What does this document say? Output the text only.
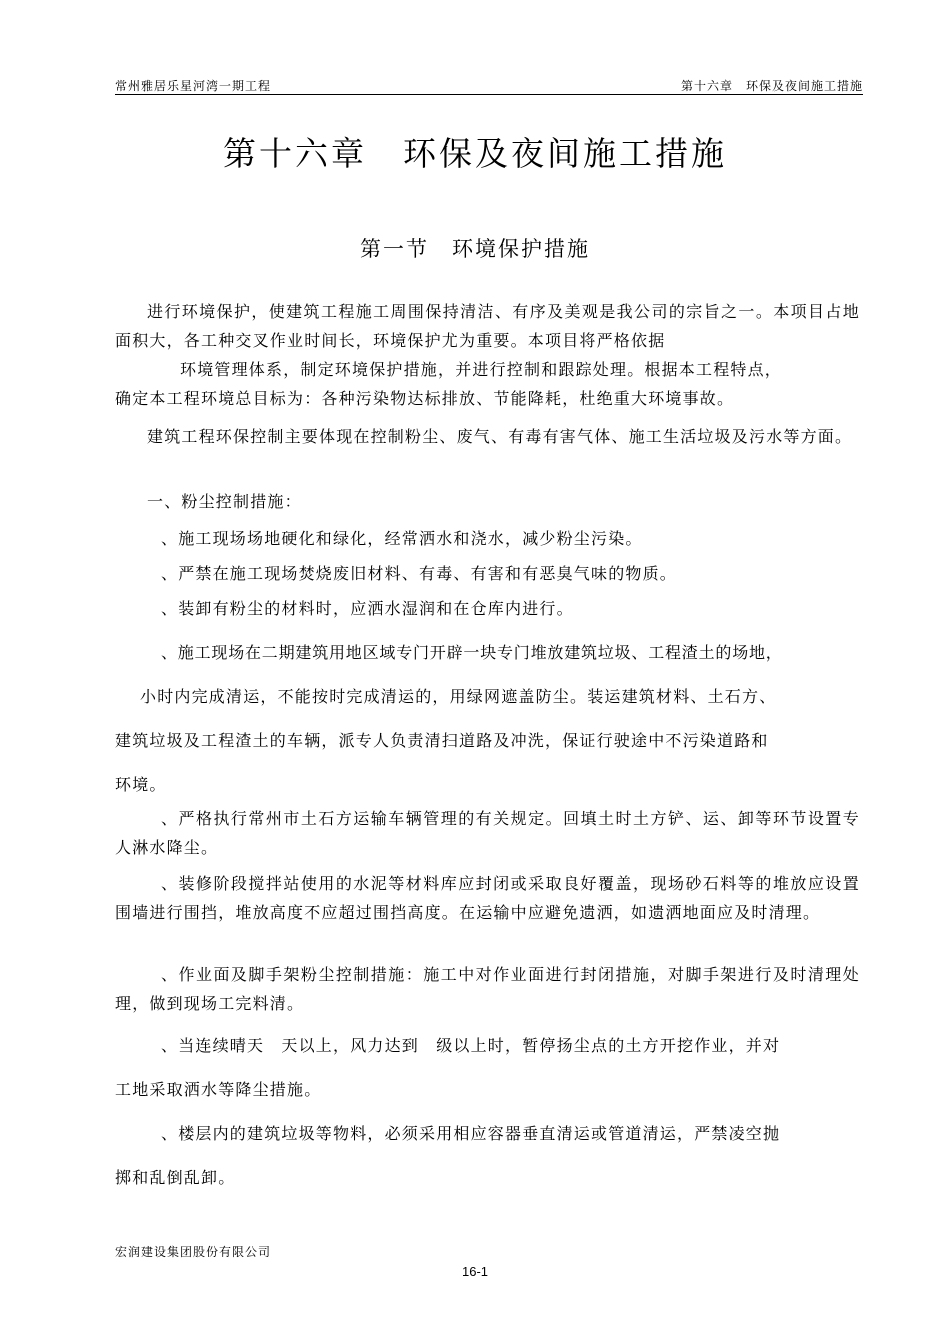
常州雅居乐星河湾一期工程	第十六章　环保及夜间施工措施
第十六章　环保及夜间施工措施
第一节　环境保护措施

进行环境保护，使建筑工程施工周围保持清洁、有序及美观是我公司的宗旨之一。本项目占地面积大，各工种交叉作业时间长，环境保护尤为重要。本项目将严格依据

环境管理体系，制定环境保护措施，并进行控制和跟踪处理。根据本工程特点，

确定本工程环境总目标为：各种污染物达标排放、节能降耗，杜绝重大环境事故。

建筑工程环保控制主要体现在控制粉尘、废气、有毒有害气体、施工生活垃圾及污水等方面。

一、粉尘控制措施：

、施工现场场地硬化和绿化，经常洒水和浇水，减少粉尘污染。

、严禁在施工现场焚烧废旧材料、有毒、有害和有恶臭气味的物质。

、装卸有粉尘的材料时，应洒水湿润和在仓库内进行。

、施工现场在二期建筑用地区域专门开辟一块专门堆放建筑垃圾、工程渣土的场地，

小时内完成清运，不能按时完成清运的，用绿网遮盖防尘。装运建筑材料、土石方、

建筑垃圾及工程渣土的车辆，派专人负责清扫道路及冲洗，保证行驶途中不污染道路和

环境。

、严格执行常州市土石方运输车辆管理的有关规定。回填土时土方铲、运、卸等环节设置专人淋水降尘。

、装修阶段搅拌站使用的水泥等材料库应封闭或采取良好覆盖，现场砂石料等的堆放应设置围墙进行围挡，堆放高度不应超过围挡高度。在运输中应避免遗洒，如遗洒地面应及时清理。

、作业面及脚手架粉尘控制措施：施工中对作业面进行封闭措施，对脚手架进行及时清理处理，做到现场工完料清。

、当连续晴天　天以上，风力达到　级以上时，暂停扬尘点的土方开挖作业，并对

工地采取洒水等降尘措施。

、楼层内的建筑垃圾等物料，必须采用相应容器垂直清运或管道清运，严禁凌空抛

掷和乱倒乱卸。

宏润建设集团股份有限公司
16-1
